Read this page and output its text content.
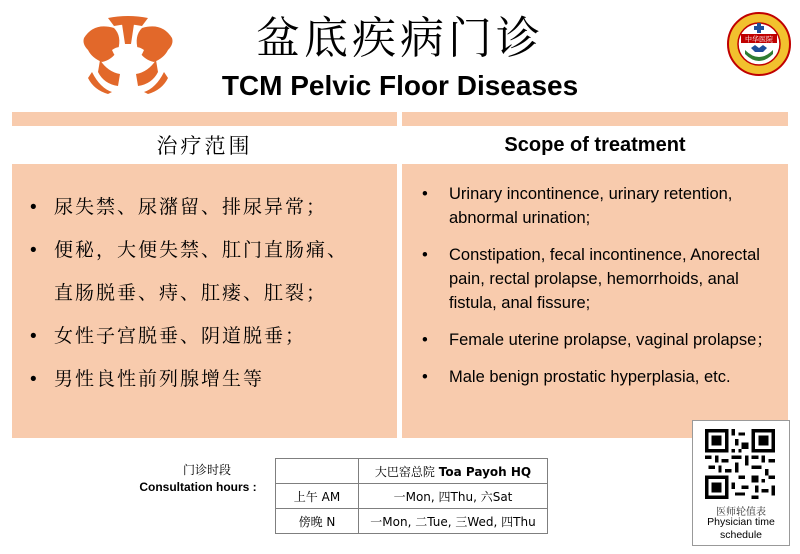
盆底疾病门诊
TCM Pelvic Floor Diseases
中华医院
治疗范围	Scope of treatment
• 尿失禁、尿潴留、排尿异常；
• 便秘，大便失禁、肛门直肠痛、
直肠脱垂、痔、肛瘘、肛裂；
• 女性子宫脱垂、阴道脱垂；
• 男性良性前列腺增生等
• Urinary incontinence, urinary retention, abnormal urination;
• Constipation, fecal incontinence, Anorectal pain, rectal prolapse, hemorrhoids, anal fistula, anal fissure;
• Female uterine prolapse, vaginal prolapse；
• Male benign prostatic hyperplasia, etc.
门诊时段
Consultation hours :
	大巴窑总院 Toa Payoh HQ
上午 AM	一Mon, 四Thu, 六Sat
傍晚 N	一Mon, 二Tue, 三Wed, 四Thu
医师轮值表
Physician time schedule
